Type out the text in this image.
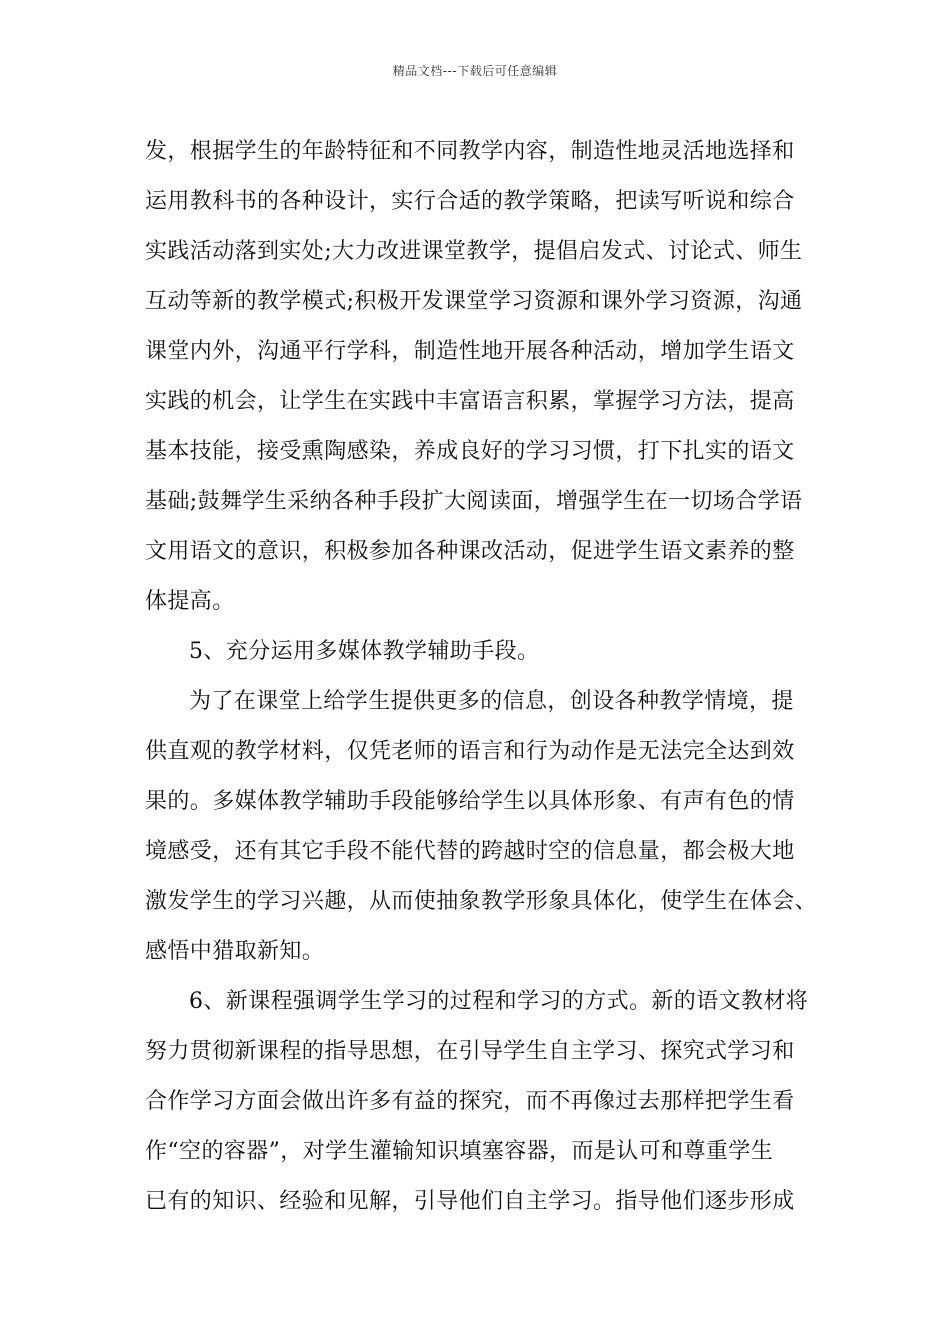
精品文档---下载后可任意编辑
发，根据学生的年龄特征和不同教学内容，制造性地灵活地选择和
运用教科书的各种设计，实行合适的教学策略，把读写听说和综合
实践活动落到实处;大力改进课堂教学，提倡启发式、讨论式、师生
互动等新的教学模式;积极开发课堂学习资源和课外学习资源，沟通
课堂内外，沟通平行学科，制造性地开展各种活动，增加学生语文
实践的机会，让学生在实践中丰富语言积累，掌握学习方法，提高
基本技能，接受熏陶感染，养成良好的学习习惯，打下扎实的语文
基础;鼓舞学生采纳各种手段扩大阅读面，增强学生在一切场合学语
文用语文的意识，积极参加各种课改活动，促进学生语文素养的整
体提高。
5、充分运用多媒体教学辅助手段。
为了在课堂上给学生提供更多的信息，创设各种教学情境，提
供直观的教学材料，仅凭老师的语言和行为动作是无法完全达到效
果的。多媒体教学辅助手段能够给学生以具体形象、有声有色的情
境感受，还有其它手段不能代替的跨越时空的信息量，都会极大地
激发学生的学习兴趣，从而使抽象教学形象具体化，使学生在体会、
感悟中猎取新知。
6、新课程强调学生学习的过程和学习的方式。新的语文教材将
努力贯彻新课程的指导思想，在引导学生自主学习、探究式学习和
合作学习方面会做出许多有益的探究，而不再像过去那样把学生看
作“空的容器”，对学生灌输知识填塞容器，而是认可和尊重学生
已有的知识、经验和见解，引导他们自主学习。指导他们逐步形成
